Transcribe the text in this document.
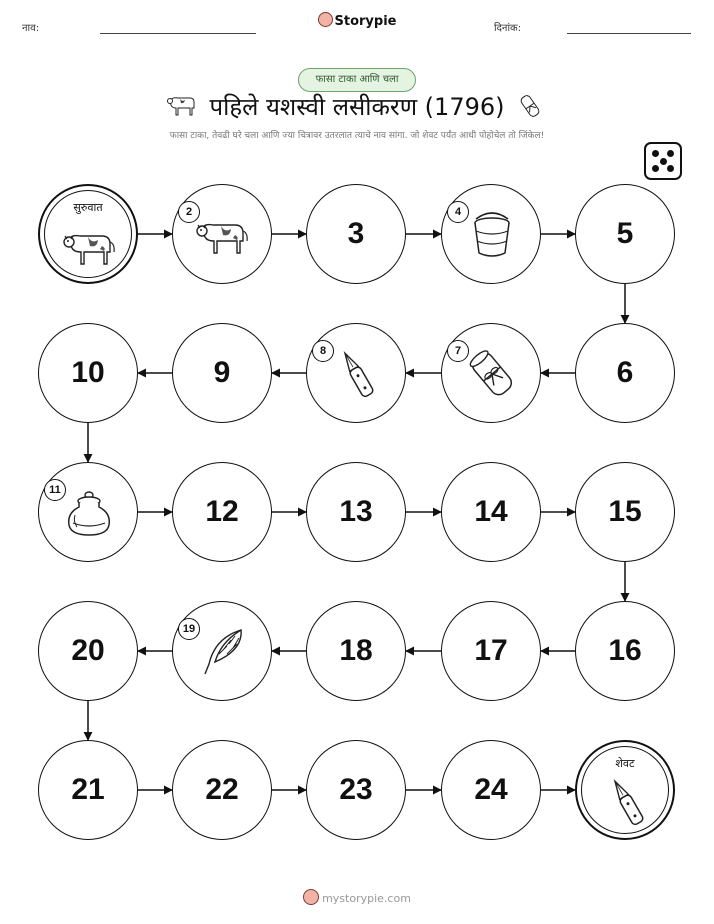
नाव:	Storypie	दिनांक:
फासा टाका आणि चला
पहिले यशस्वी लसीकरण (1796)
फासा टाका, तेवढी घरे चला आणि ज्या चित्रावर उतरलात त्याचे नाव सांगा. जो शेवट पर्यंत आधी पोहोचेल तो जिंकेल!
सुरुवात	2
3
4
5
6
7
8
9
10
11
12	13	14	15
16
17
18
19
20
21	22	23	24
शेवट
mystorypie.com
